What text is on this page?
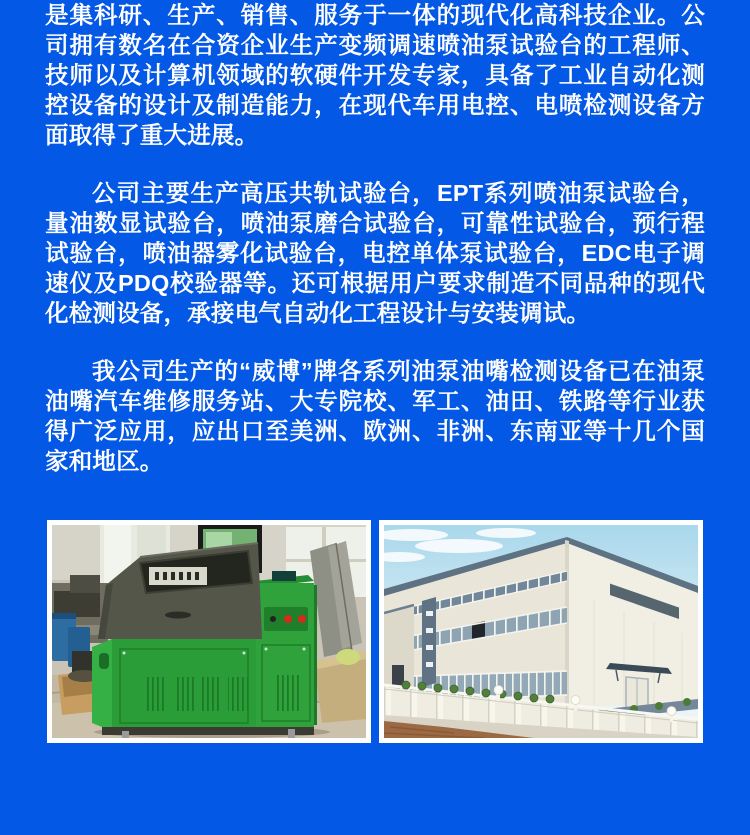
是集科研、生产、销售、服务于一体的现代化高科技企业。公司拥有数名在合资企业生产变频调速喷油泵试验台的工程师、技师以及计算机领域的软硬件开发专家，具备了工业自动化测控设备的设计及制造能力，在现代车用电控、电喷检测设备方面取得了重大进展。

公司主要生产高压共轨试验台，EPT系列喷油泵试验台，量油数显试验台，喷油泵磨合试验台，可靠性试验台，预行程试验台，喷油器雾化试验台，电控单体泵试验台，EDC电子调速仪及PDQ校验器等。还可根据用户要求制造不同品种的现代化检测设备，承接电气自动化工程设计与安装调试。

我公司生产的“威博”牌各系列油泵油嘴检测设备已在油泵油嘴汽车维修服务站、大专院校、军工、油田、铁路等行业获得广泛应用，应出口至美洲、欧洲、非洲、东南亚等十几个国家和地区。
